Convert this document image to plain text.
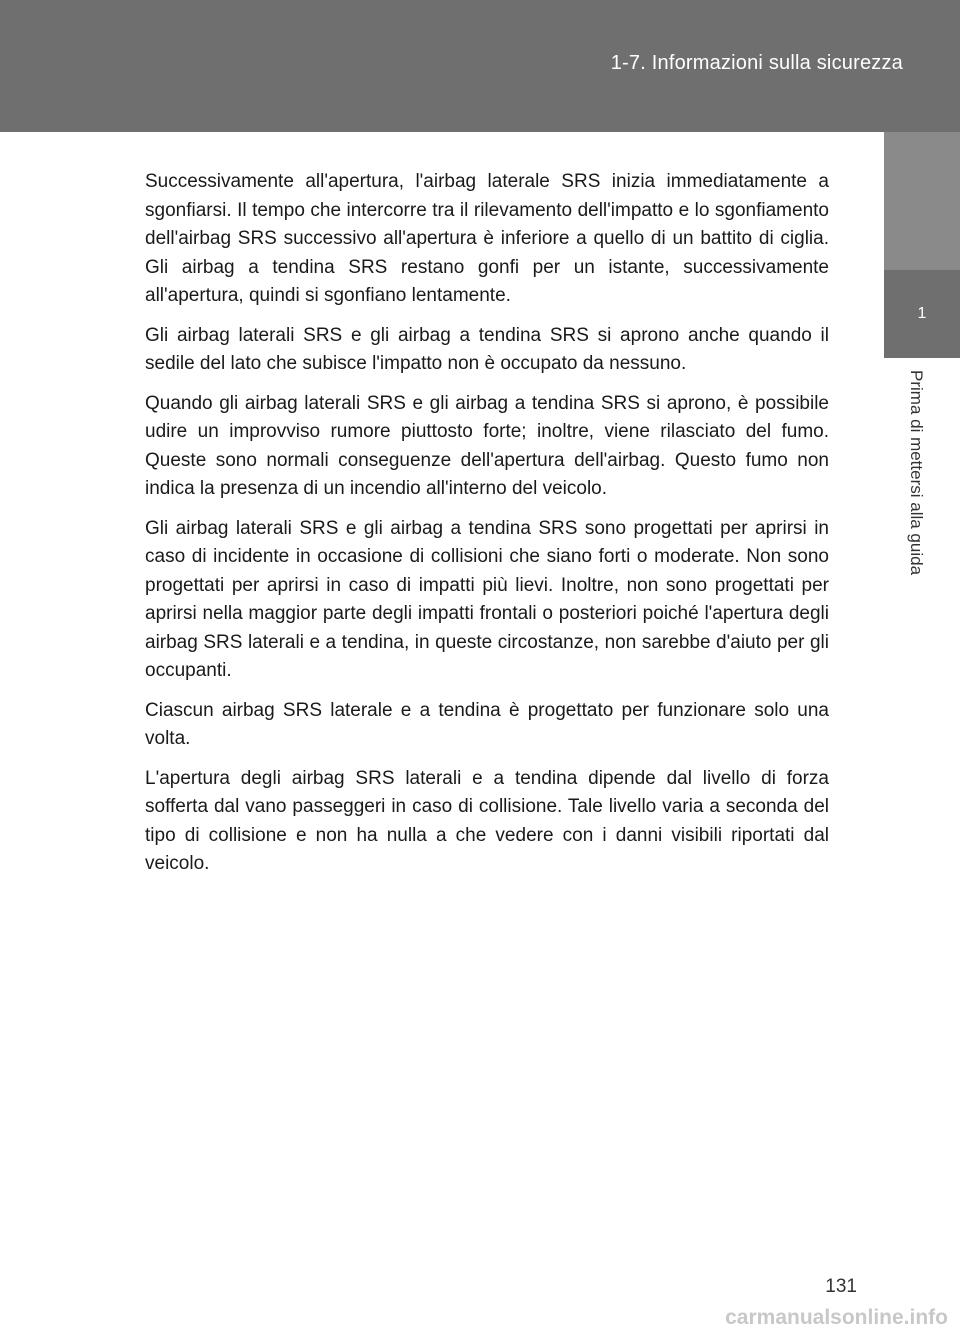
1-7. Informazioni sulla sicurezza
1
Prima di mettersi alla guida

Successivamente all'apertura, l'airbag laterale SRS inizia immediatamente a sgonfiarsi. Il tempo che intercorre tra il rilevamento dell'impatto e lo sgonfiamento dell'airbag SRS successivo all'apertura è inferiore a quello di un battito di ciglia. Gli airbag a tendina SRS restano gonfi per un istante, successivamente all'apertura, quindi si sgonfiano lentamente.

Gli airbag laterali SRS e gli airbag a tendina SRS si aprono anche quando il sedile del lato che subisce l'impatto non è occupato da nessuno.

Quando gli airbag laterali SRS e gli airbag a tendina SRS si aprono, è possibile udire un improvviso rumore piuttosto forte; inoltre, viene rilasciato del fumo. Queste sono normali conseguenze dell'apertura dell'airbag. Questo fumo non indica la presenza di un incendio all'interno del veicolo.

Gli airbag laterali SRS e gli airbag a tendina SRS sono progettati per aprirsi in caso di incidente in occasione di collisioni che siano forti o moderate. Non sono progettati per aprirsi in caso di impatti più lievi. Inoltre, non sono progettati per aprirsi nella maggior parte degli impatti frontali o posteriori poiché l'apertura degli airbag SRS laterali e a tendina, in queste circostanze, non sarebbe d'aiuto per gli occupanti.

Ciascun airbag SRS laterale e a tendina è progettato per funzionare solo una volta.

L'apertura degli airbag SRS laterali e a tendina dipende dal livello di forza sofferta dal vano passeggeri in caso di collisione. Tale livello varia a seconda del tipo di collisione e non ha nulla a che vedere con i danni visibili riportati dal veicolo.

131
carmanualsonline.info
